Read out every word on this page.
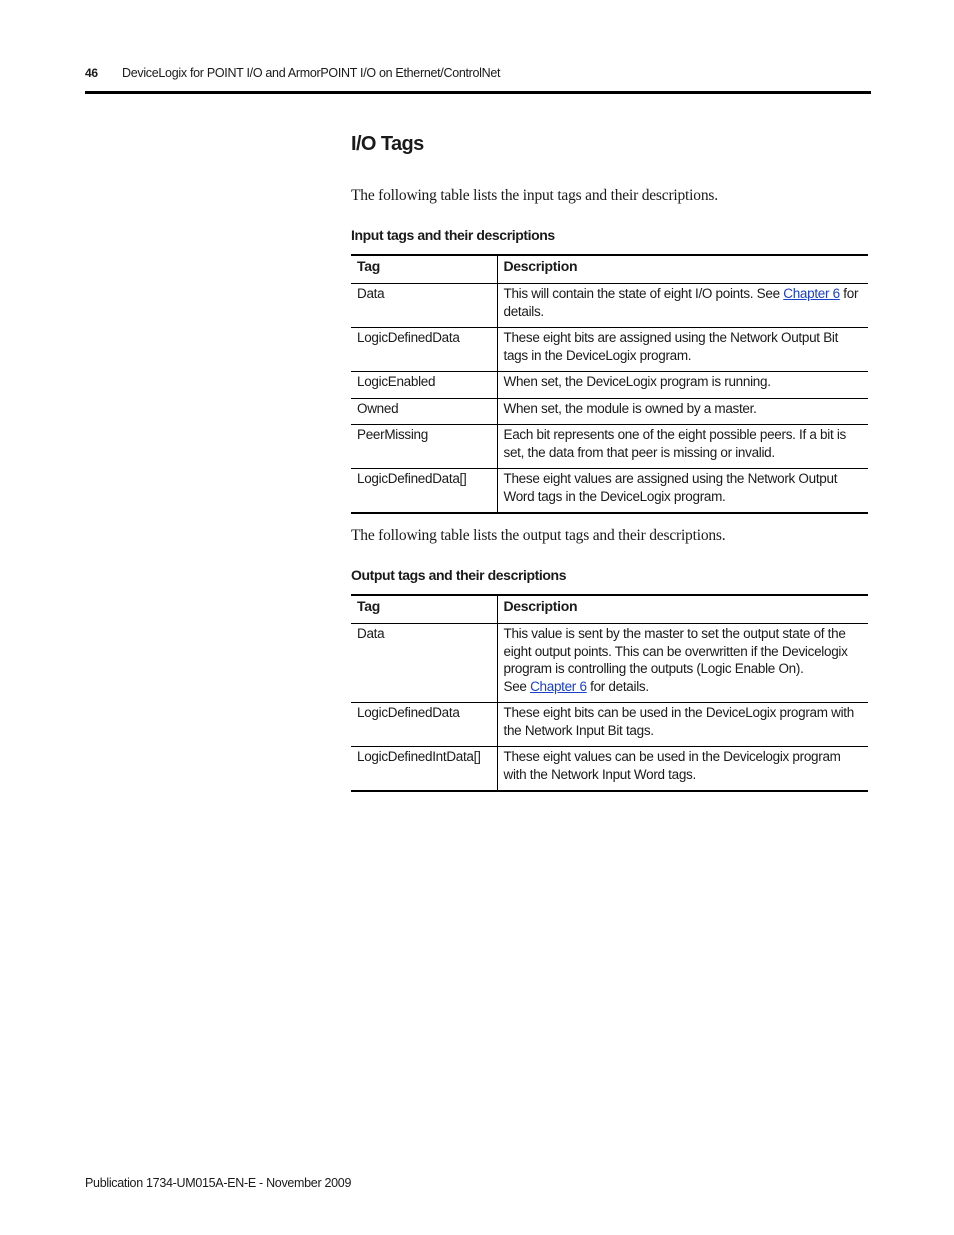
46 DeviceLogix for POINT I/O and ArmorPOINT I/O on Ethernet/ControlNet
I/O Tags

The following table lists the input tags and their descriptions.

Input tags and their descriptions

Tag	Description
Data	This will contain the state of eight I/O points. See Chapter 6 for details.
LogicDefinedData	These eight bits are assigned using the Network Output Bit tags in the DeviceLogix program.
LogicEnabled	When set, the DeviceLogix program is running.
Owned	When set, the module is owned by a master.
PeerMissing	Each bit represents one of the eight possible peers. If a bit is set, the data from that peer is missing or invalid.
LogicDefinedData[]	These eight values are assigned using the Network Output Word tags in the DeviceLogix program.

The following table lists the output tags and their descriptions.

Output tags and their descriptions

Tag	Description
Data	This value is sent by the master to set the output state of the eight output points. This can be overwritten if the Devicelogix program is controlling the outputs (Logic Enable On).
See Chapter 6 for details.
LogicDefinedData	These eight bits can be used in the DeviceLogix program with the Network Input Bit tags.
LogicDefinedIntData[]	These eight values can be used in the Devicelogix program with the Network Input Word tags.
Publication 1734-UM015A-EN-E - November 2009
